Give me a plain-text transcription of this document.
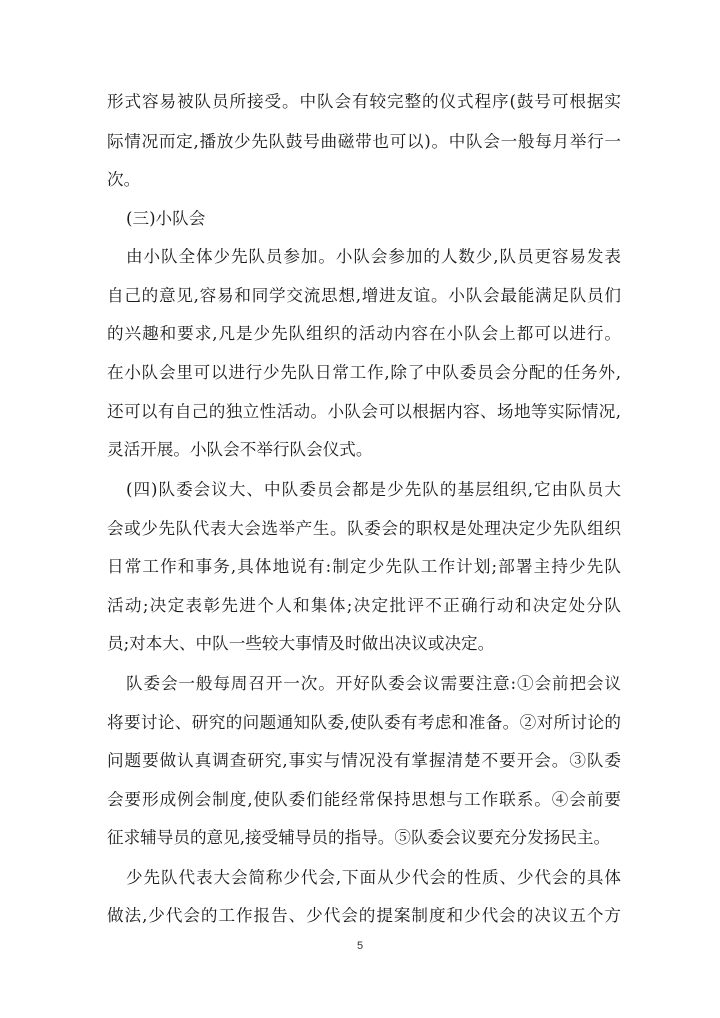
形式容易被队员所接受。中队会有较完整的仪式程序(鼓号可根据实
际情况而定,播放少先队鼓号曲磁带也可以)。中队会一般每月举行一
次。
(三)小队会
由小队全体少先队员参加。小队会参加的人数少,队员更容易发表
自己的意见,容易和同学交流思想,增进友谊。小队会最能满足队员们
的兴趣和要求,凡是少先队组织的活动内容在小队会上都可以进行。
在小队会里可以进行少先队日常工作,除了中队委员会分配的任务外,
还可以有自己的独立性活动。小队会可以根据内容、场地等实际情况,
灵活开展。小队会不举行队会仪式。
(四)队委会议大、中队委员会都是少先队的基层组织,它由队员大
会或少先队代表大会选举产生。队委会的职权是处理决定少先队组织
日常工作和事务,具体地说有:制定少先队工作计划;部署主持少先队
活动;决定表彰先进个人和集体;决定批评不正确行动和决定处分队
员;对本大、中队一些较大事情及时做出决议或决定。
队委会一般每周召开一次。开好队委会议需要注意:①会前把会议
将要讨论、研究的问题通知队委,使队委有考虑和准备。②对所讨论的
问题要做认真调查研究,事实与情况没有掌握清楚不要开会。③队委
会要形成例会制度,使队委们能经常保持思想与工作联系。④会前要
征求辅导员的意见,接受辅导员的指导。⑤队委会议要充分发扬民主。
少先队代表大会简称少代会,下面从少代会的性质、少代会的具体
做法,少代会的工作报告、少代会的提案制度和少代会的决议五个方
5
